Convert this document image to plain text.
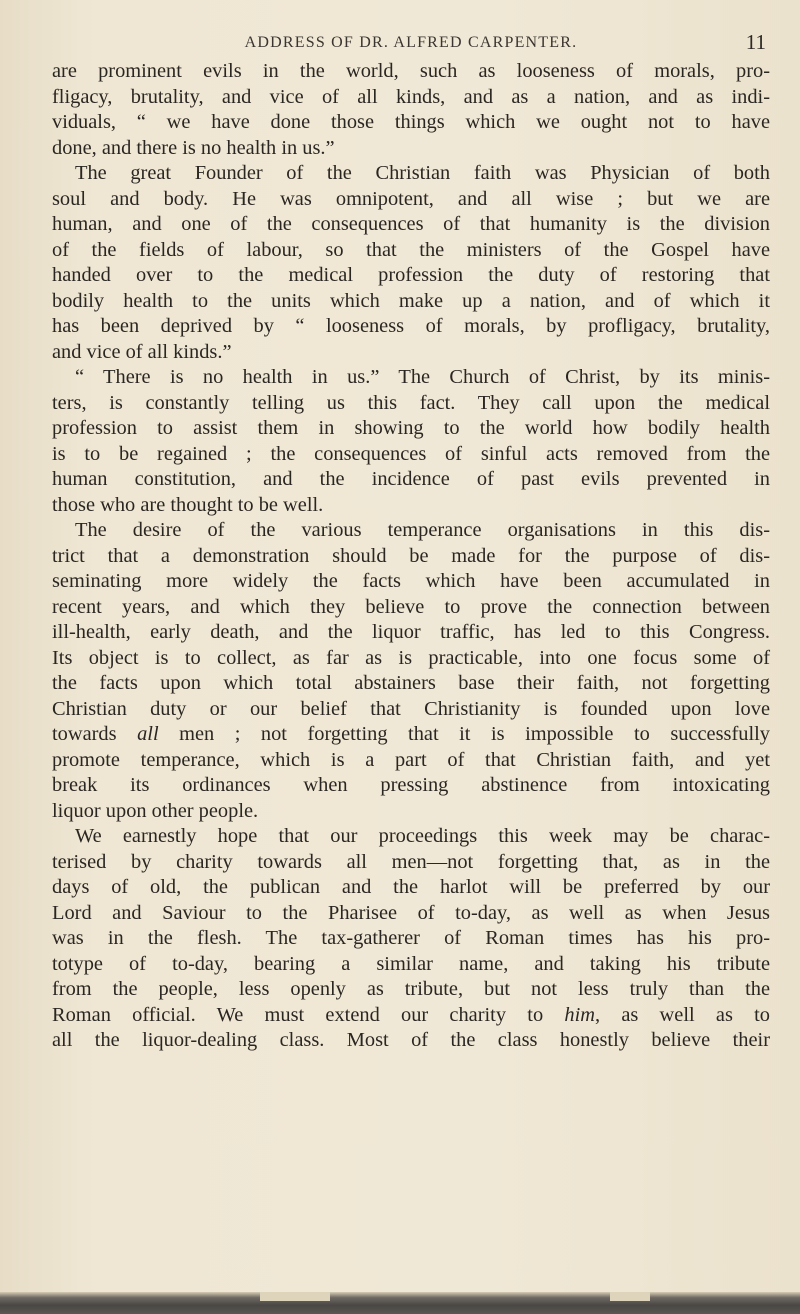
ADDRESS OF DR. ALFRED CARPENTER.	11
are prominent evils in the world, such as looseness of morals, pro-
fligacy, brutality, and vice of all kinds, and as a nation, and as indi-
viduals, “ we have done those things which we ought not to have
done, and there is no health in us.”
The great Founder of the Christian faith was Physician of both
soul and body. He was omnipotent, and all wise ; but we are
human, and one of the consequences of that humanity is the division
of the fields of labour, so that the ministers of the Gospel have
handed over to the medical profession the duty of restoring that
bodily health to the units which make up a nation, and of which it
has been deprived by “ looseness of morals, by profligacy, brutality,
and vice of all kinds.”
“ There is no health in us.” The Church of Christ, by its minis-
ters, is constantly telling us this fact. They call upon the medical
profession to assist them in showing to the world how bodily health
is to be regained ; the consequences of sinful acts removed from the
human constitution, and the incidence of past evils prevented in
those who are thought to be well.
The desire of the various temperance organisations in this dis-
trict that a demonstration should be made for the purpose of dis-
seminating more widely the facts which have been accumulated in
recent years, and which they believe to prove the connection between
ill-health, early death, and the liquor traffic, has led to this Congress.
Its object is to collect, as far as is practicable, into one focus some of
the facts upon which total abstainers base their faith, not forgetting
Christian duty or our belief that Christianity is founded upon love
towards all men ; not forgetting that it is impossible to successfully
promote temperance, which is a part of that Christian faith, and yet
break its ordinances when pressing abstinence from intoxicating
liquor upon other people.
We earnestly hope that our proceedings this week may be charac-
terised by charity towards all men—not forgetting that, as in the
days of old, the publican and the harlot will be preferred by our
Lord and Saviour to the Pharisee of to-day, as well as when Jesus
was in the flesh. The tax-gatherer of Roman times has his pro-
totype of to-day, bearing a similar name, and taking his tribute
from the people, less openly as tribute, but not less truly than the
Roman official. We must extend our charity to him, as well as to
all the liquor-dealing class. Most of the class honestly believe their
